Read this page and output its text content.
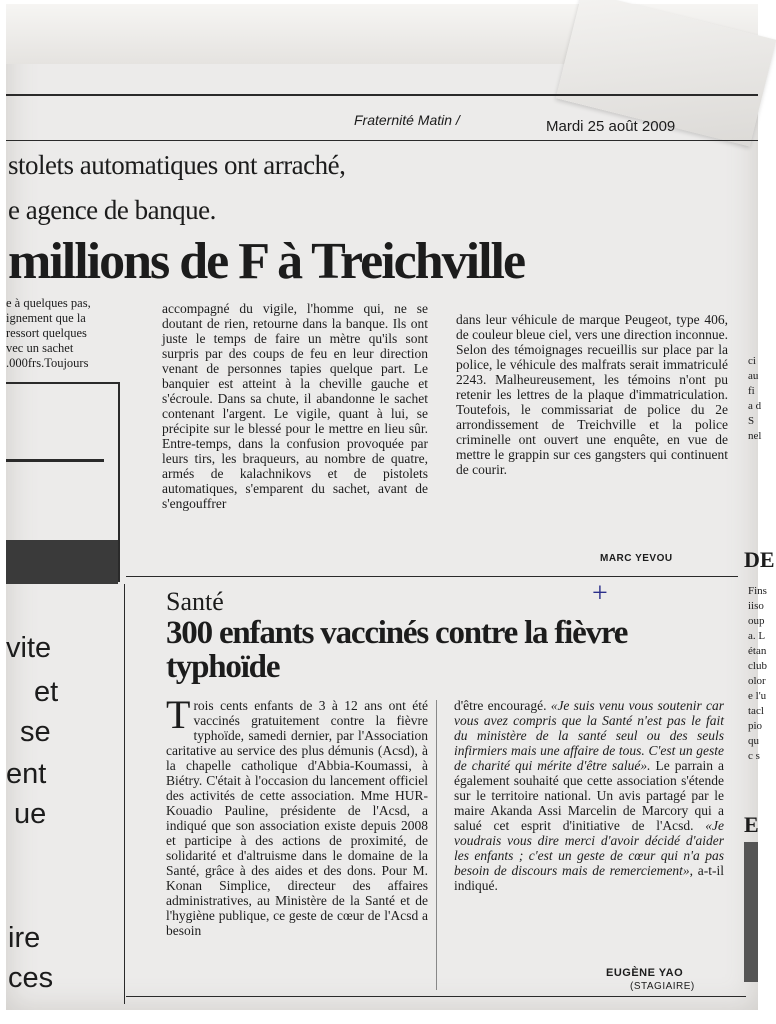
Fraternité Matin /	Mardi 25 août 2009
stolets automatiques ont arraché,
e agence de banque.
millions de F à Treichville

e à quelques pas,

ignement que la

ressort quelques

vec un sachet

.000frs.Toujours

accompagné du vigile, l'homme qui, ne se doutant de rien, retourne dans la banque. Ils ont juste le temps de faire un mètre qu'ils sont surpris par des coups de feu en leur direction venant de personnes tapies quelque part. Le banquier est atteint à la cheville gauche et s'écroule. Dans sa chute, il abandonne le sachet contenant l'argent. Le vigile, quant à lui, se précipite sur le blessé pour le mettre en lieu sûr. Entre-temps, dans la confusion provoquée par leurs tirs, les braqueurs, au nombre de quatre, armés de kalachnikovs et de pistolets automatiques, s'emparent du sachet, avant de s'engouffrer

dans leur véhicule de marque Peugeot, type 406, de couleur bleue ciel, vers une direction inconnue. Selon des témoignages recueillis sur place par la police, le véhicule des malfrats serait immatriculé 2243. Malheureusement, les témoins n'ont pu retenir les lettres de la plaque d'immatriculation. Toutefois, le commissariat de police du 2e arrondissement de Treichville et la police criminelle ont ouvert une enquête, en vue de mettre le grappin sur ces gangsters qui continuent de courir.

MARC YEVOU
ci
au
fi
a d
S
nel
DE
Fins
iiso
oup
a. L
étan
club
olor
e l'u
tacl
pio
qu
c s
E
vite
et
se
ent
ue
ire
ces
Santé	+
300 enfants vaccinés contre la fièvre typhoïde
T rois cents enfants de 3 à 12 ans ont été vaccinés gratuitement contre la fièvre typhoïde, samedi dernier, par l'Association caritative au service des plus démunis (Acsd), à la chapelle catholique d'Abbia-Koumassi, à Biétry. C'était à l'occasion du lancement officiel des activités de cette association. Mme HUR-Kouadio Pauline, présidente de l'Acsd, a indiqué que son association existe depuis 2008 et participe à des actions de proximité, de solidarité et d'altruisme dans le domaine de la Santé, grâce à des aides et des dons. Pour M. Konan Simplice, directeur des affaires administratives, au Ministère de la Santé et de l'hygiène publique, ce geste de cœur de l'Acsd a besoin

d'être encouragé. «Je suis venu vous soutenir car vous avez compris que la Santé n'est pas le fait du ministère de la santé seul ou des seuls infirmiers mais une affaire de tous. C'est un geste de charité qui mérite d'être salué». Le parrain a également souhaité que cette association s'étende sur le territoire national. Un avis partagé par le maire Akanda Assi Marcelin de Marcory qui a salué cet esprit d'initiative de l'Acsd. «Je voudrais vous dire merci d'avoir décidé d'aider les enfants ; c'est un geste de cœur qui n'a pas besoin de discours mais de remerciement», a-t-il indiqué.

EUGÈNE YAO
(STAGIAIRE)
